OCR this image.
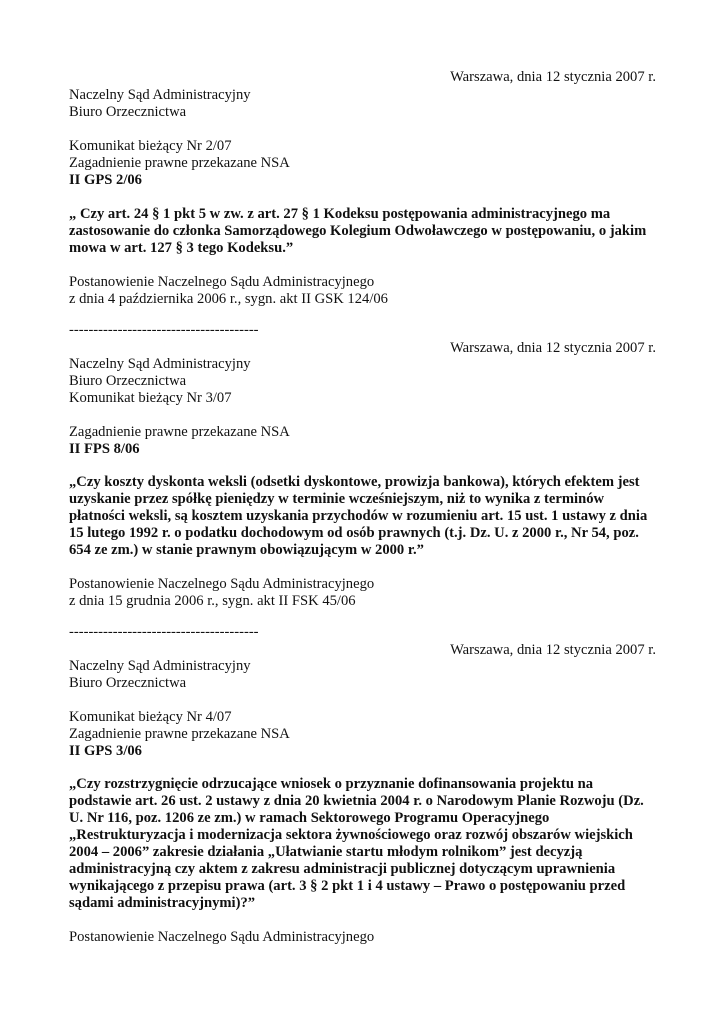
Warszawa, dnia 12 stycznia 2007 r.
Naczelny Sąd Administracyjny
Biuro Orzecznictwa
Komunikat bieżący Nr 2/07
Zagadnienie prawne przekazane NSA
II GPS 2/06
„ Czy art. 24 § 1 pkt 5 w zw. z art. 27 § 1 Kodeksu postępowania administracyjnego ma
zastosowanie do członka Samorządowego Kolegium Odwoławczego w postępowaniu, o jakim
mowa w art. 127 § 3 tego Kodeksu.”
Postanowienie Naczelnego Sądu Administracyjnego
z dnia 4 października 2006 r., sygn. akt II GSK 124/06
---------------------------------------
Warszawa, dnia 12 stycznia 2007 r.
Naczelny Sąd Administracyjny
Biuro Orzecznictwa
Komunikat bieżący Nr 3/07
Zagadnienie prawne przekazane NSA
II FPS 8/06
„Czy koszty dyskonta weksli (odsetki dyskontowe, prowizja bankowa), których efektem jest
uzyskanie przez spółkę pieniędzy w terminie wcześniejszym, niż to wynika z terminów
płatności weksli, są kosztem uzyskania przychodów w rozumieniu art. 15 ust. 1 ustawy z dnia
15 lutego 1992 r. o podatku dochodowym od osób prawnych (t.j. Dz. U. z 2000 r., Nr 54, poz.
654 ze zm.) w stanie prawnym obowiązującym w 2000 r.”
Postanowienie Naczelnego Sądu Administracyjnego
z dnia 15 grudnia 2006 r., sygn. akt II FSK 45/06
---------------------------------------
Warszawa, dnia 12 stycznia 2007 r.
Naczelny Sąd Administracyjny
Biuro Orzecznictwa
Komunikat bieżący Nr 4/07
Zagadnienie prawne przekazane NSA
II GPS 3/06
„Czy rozstrzygnięcie odrzucające wniosek o przyznanie dofinansowania projektu na
podstawie art. 26 ust. 2 ustawy z dnia 20 kwietnia 2004 r. o Narodowym Planie Rozwoju (Dz.
U. Nr 116, poz. 1206 ze zm.) w ramach Sektorowego Programu Operacyjnego
„Restrukturyzacja i modernizacja sektora żywnościowego oraz rozwój obszarów wiejskich
2004 – 2006” zakresie działania „Ułatwianie startu młodym rolnikom” jest decyzją
administracyjną czy aktem z zakresu administracji publicznej dotyczącym uprawnienia
wynikającego z przepisu prawa (art. 3 § 2 pkt 1 i 4 ustawy – Prawo o postępowaniu przed
sądami administracyjnymi)?”
Postanowienie Naczelnego Sądu Administracyjnego
